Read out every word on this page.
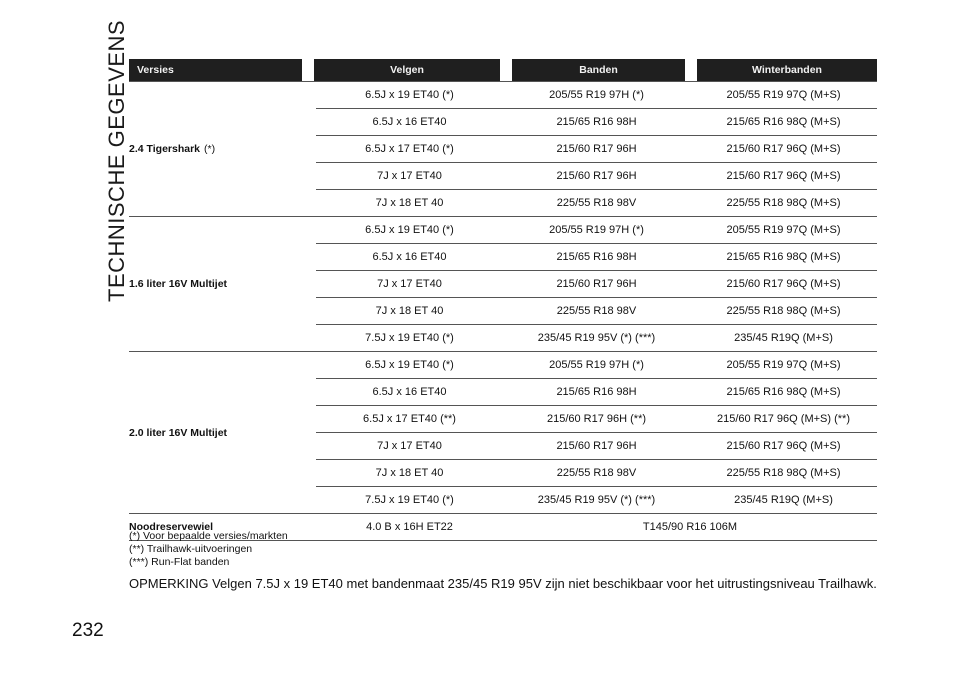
TECHNISCHE GEGEVENS Versies	Velgen	Banden	Winterbanden
2.4 Tigershark (*)
6.5J x 19 ET40 (*)	205/55 R19 97H (*)	205/55 R19 97Q (M+S)
6.5J x 16 ET40	215/65 R16 98H	215/65 R16 98Q (M+S)
6.5J x 17 ET40 (*)	215/60 R17 96H	215/60 R17 96Q (M+S)
7J x 17 ET40	215/60 R17 96H	215/60 R17 96Q (M+S)
7J x 18 ET 40	225/55 R18 98V	225/55 R18 98Q (M+S)
1.6 liter 16V Multijet
6.5J x 19 ET40 (*)	205/55 R19 97H (*)	205/55 R19 97Q (M+S)
6.5J x 16 ET40	215/65 R16 98H	215/65 R16 98Q (M+S)
7J x 17 ET40	215/60 R17 96H	215/60 R17 96Q (M+S)
7J x 18 ET 40	225/55 R18 98V	225/55 R18 98Q (M+S)
7.5J x 19 ET40 (*)	235/45 R19 95V (*) (***)	235/45 R19Q (M+S)
2.0 liter 16V Multijet
6.5J x 19 ET40 (*)	205/55 R19 97H (*)	205/55 R19 97Q (M+S)
6.5J x 16 ET40	215/65 R16 98H	215/65 R16 98Q (M+S)
6.5J x 17 ET40 (**)	215/60 R17 96H (**)	215/60 R17 96Q (M+S) (**)
7J x 17 ET40	215/60 R17 96H	215/60 R17 96Q (M+S)
7J x 18 ET 40	225/55 R18 98V	225/55 R18 98Q (M+S)
7.5J x 19 ET40 (*)	235/45 R19 95V (*) (***)	235/45 R19Q (M+S)
Noodreservewiel	4.0 B x 16H ET22	T145/90 R16 106M
(*) Voor bepaalde versies/markten
(**) Trailhawk-uitvoeringen
(***) Run-Flat banden
OPMERKING Velgen 7.5J x 19 ET40 met bandenmaat 235/45 R19 95V zijn niet beschikbaar voor het uitrustingsniveau Trailhawk.
232
